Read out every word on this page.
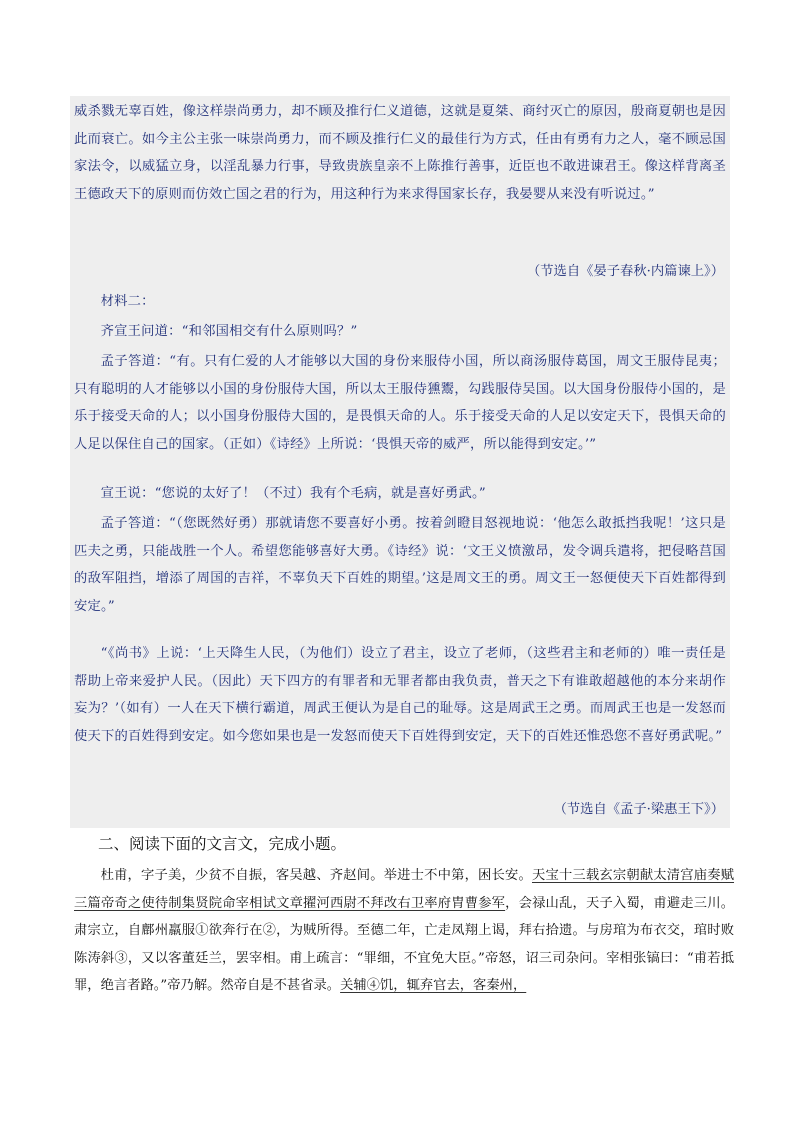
威杀戮无辜百姓，像这样崇尚勇力，却不顾及推行仁义道德，这就是夏桀、商纣灭亡的原因，殷商夏朝也是因此而衰亡。如今主公主张一味崇尚勇力，而不顾及推行仁义的最佳行为方式，任由有勇有力之人，毫不顾忌国家法令，以威猛立身，以淫乱暴力行事，导致贵族皇亲不上陈推行善事，近臣也不敢进谏君王。像这样背离圣王德政天下的原则而仿效亡国之君的行为，用这种行为来求得国家长存，我晏婴从来没有听说过。”
（节选自《晏子春秋·内篇谏上》）
材料二：
齐宣王问道：“和邻国相交有什么原则吗？”
孟子答道：“有。只有仁爱的人才能够以大国的身份来服侍小国，所以商汤服侍葛国，周文王服侍昆夷；只有聪明的人才能够以小国的身份服侍大国，所以太王服侍獯鬻，勾践服侍吴国。以大国身份服侍小国的，是乐于接受天命的人；以小国身份服侍大国的，是畏惧天命的人。乐于接受天命的人足以安定天下，畏惧天命的人足以保住自己的国家。（正如）《诗经》上所说：‘畏惧天帝的威严，所以能得到安定。’”
宣王说：“您说的太好了！（不过）我有个毛病，就是喜好勇武。”
孟子答道：“（您既然好勇）那就请您不要喜好小勇。按着剑瞪目怒视地说：‘他怎么敢抵挡我呢！’这只是匹夫之勇，只能战胜一个人。希望您能够喜好大勇。《诗经》说：‘文王义愤激昂，发令调兵遣将，把侵略莒国的敌军阻挡，增添了周国的吉祥，不辜负天下百姓的期望。’这是周文王的勇。周文王一怒便使天下百姓都得到安定。”
“《尚书》上说：‘上天降生人民，（为他们）设立了君主，设立了老师，（这些君主和老师的）唯一责任是帮助上帝来爱护人民。（因此）天下四方的有罪者和无罪者都由我负责，普天之下有谁敢超越他的本分来胡作妄为？’（如有）一人在天下横行霸道，周武王便认为是自己的耻辱。这是周武王之勇。而周武王也是一发怒而使天下的百姓得到安定。如今您如果也是一发怒而使天下百姓得到安定，天下的百姓还惟恐您不喜好勇武呢。”
（节选自《孟子·梁惠王下》）
二、阅读下面的文言文，完成小题。
杜甫，字子美，少贫不自振，客吴越、齐赵间。举进士不中第，困长安。天宝十三载玄宗朝献太清宫庙奏赋三篇帝奇之使待制集贤院命宰相试文章擢河西尉不拜改右卫率府胄曹参军，会禄山乱，天子入蜀，甫避走三川。肃宗立，自鄜州羸服①欲奔行在②，为贼所得。至德二年，亡走凤翔上谒，拜右拾遗。与房琯为布衣交，琯时败陈涛斜③，又以客董廷兰，罢宰相。甫上疏言：“罪细，不宜免大臣。”帝怒，诏三司杂问。宰相张镐曰：“甫若抵罪，绝言者路。”帝乃解。然帝自是不甚省录。关辅④饥，辄弃官去，客秦州，
